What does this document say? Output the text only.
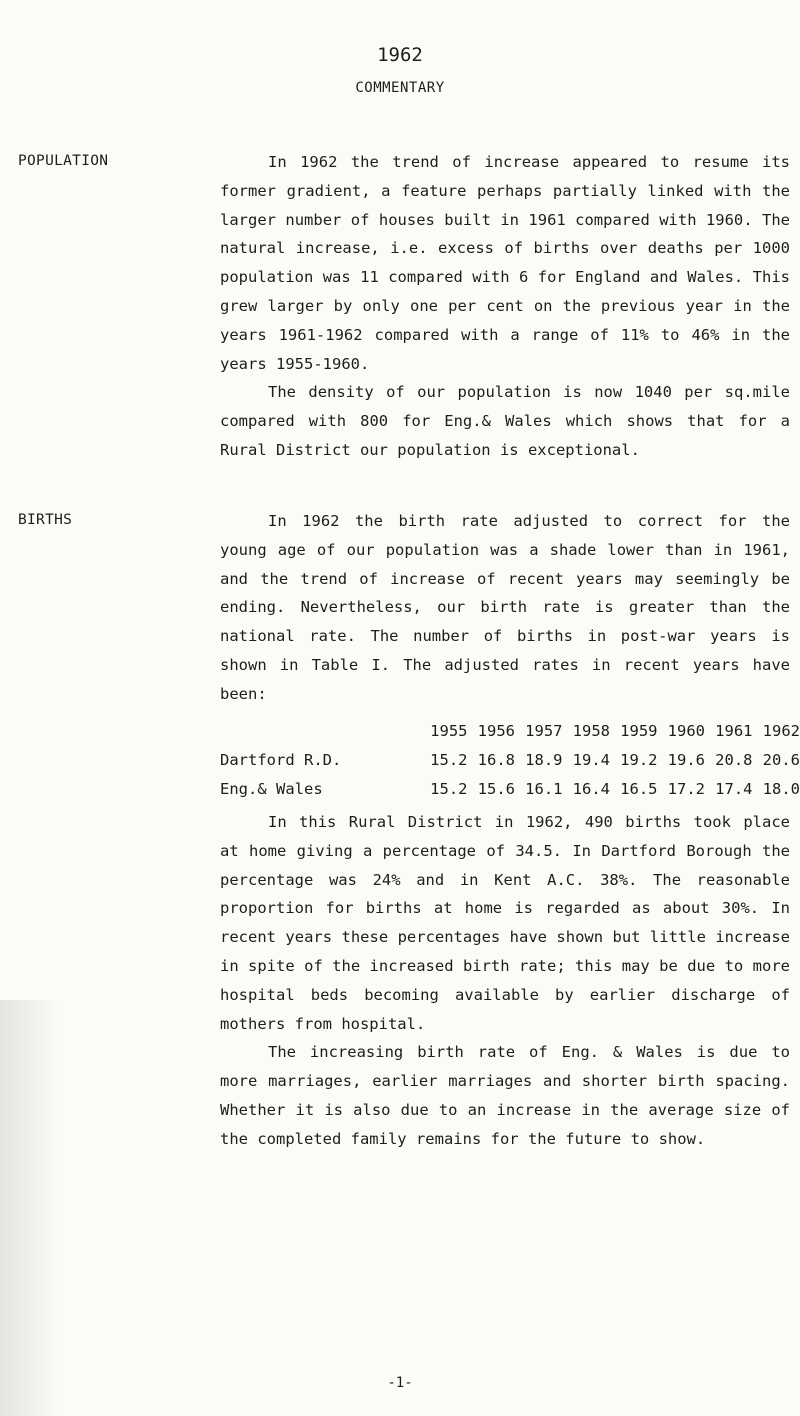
1962
COMMENTARY
POPULATION	In 1962 the trend of increase appeared to resume its former gradient, a feature perhaps partially linked with the larger number of houses built in 1961 compared with 1960. The natural increase, i.e. excess of births over deaths per 1000 population was 11 compared with 6 for England and Wales. This grew larger by only one per cent on the previous year in the years 1961-1962 compared with a range of 11% to 46% in the years 1955-1960.

The density of our population is now 1040 per sq.mile compared with 800 for Eng.& Wales which shows that for a Rural District our population is exceptional.

BIRTHS	In 1962 the birth rate adjusted to correct for the young age of our population was a shade lower than in 1961, and the trend of increase of recent years may seemingly be ending. Nevertheless, our birth rate is greater than the national rate. The number of births in post-war years is shown in Table I. The adjusted rates in recent years have been:

	1955	1956	1957	1958	1959	1960	1961	1962
Dartford R.D.	15.2	16.8	18.9	19.4	19.2	19.6	20.8	20.6
Eng.& Wales	15.2	15.6	16.1	16.4	16.5	17.2	17.4	18.0

In this Rural District in 1962, 490 births took place at home giving a percentage of 34.5. In Dartford Borough the percentage was 24% and in Kent A.C. 38%. The reasonable proportion for births at home is regarded as about 30%. In recent years these percentages have shown but little increase in spite of the increased birth rate; this may be due to more hospital beds becoming available by earlier discharge of mothers from hospital.

The increasing birth rate of Eng. & Wales is due to more marriages, earlier marriages and shorter birth spacing. Whether it is also due to an increase in the average size of the completed family remains for the future to show.

-1-
